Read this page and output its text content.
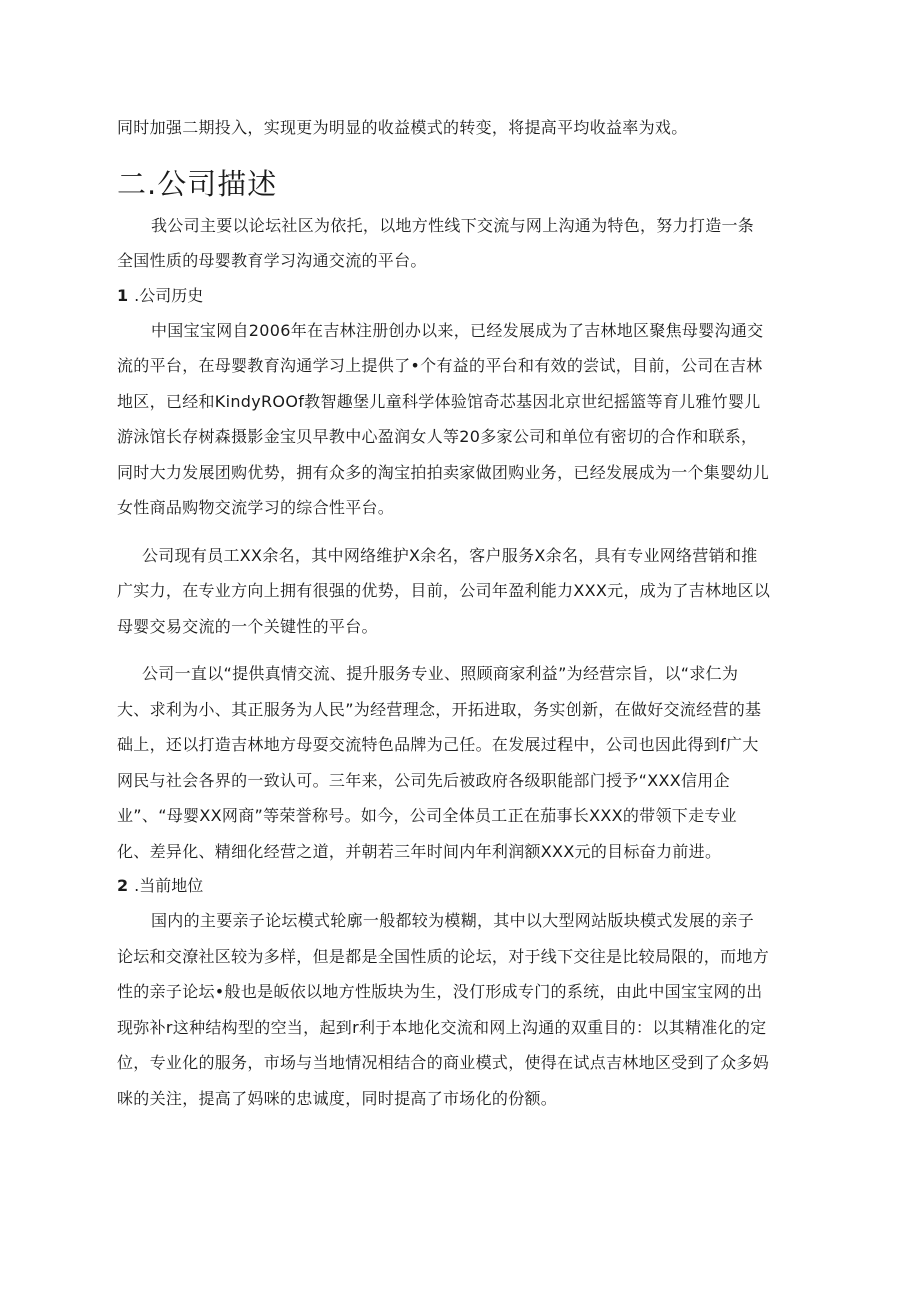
同时加强二期投入，实现更为明显的收益模式的转变，将提高平均收益率为戏。
二.公司描述
我公司主要以论坛社区为依托，以地方性线下交流与网上沟通为特色，努力打造一条
全国性质的母婴教育学习沟通交流的平台。
1 .公司历史
中国宝宝网自2006年在吉林注册创办以来，已经发展成为了吉林地区聚焦母婴沟通交
流的平台，在母婴教育沟通学习上提供了•个有益的平台和有效的尝试，目前，公司在吉林
地区，已经和KindyROOf教智趣堡儿童科学体验馆奇芯基因北京世纪摇篮等育儿雅竹婴儿
游泳馆长存树森摄影金宝贝早教中心盈润女人等20多家公司和单位有密切的合作和联系，
同时大力发展团购优势，拥有众多的淘宝拍拍卖家做团购业务，已经发展成为一个集婴幼儿
女性商品购物交流学习的综合性平台。
公司现有员工XX余名，其中网络维护X余名，客户服务X余名，具有专业网络营销和推
广实力，在专业方向上拥有很强的优势，目前，公司年盈利能力XXX元，成为了吉林地区以
母婴交易交流的一个关键性的平台。
公司一直以“提供真情交流、提升服务专业、照顾商家利益”为经营宗旨，以“求仁为
大、求利为小、其正服务为人民”为经营理念，开拓进取，务实创新，在做好交流经营的基
础上，还以打造吉林地方母耍交流特色品牌为己任。在发展过程中，公司也因此得到f广大
网民与社会各界的一致认可。三年来，公司先后被政府各级职能部门授予“XXX信用企
业”、“母婴XX网商”等荣誉称号。如今，公司全体员工正在茄事长XXX的带领下走专业
化、差异化、精细化经营之道，并朝若三年时间内年利润额XXX元的目标奋力前进。
2 .当前地位
国内的主要亲子论坛模式轮廓一般都较为模糊，其中以大型网站版块模式发展的亲子
论坛和交潦社区较为多样，但是都是全国性质的论坛，对于线下交往是比较局限的，而地方
性的亲子论坛•般也是皈依以地方性版块为生，没仃形成专门的系统，由此中国宝宝网的出
现弥补r这种结构型的空当，起到r利于本地化交流和网上沟通的双重目的：以其精准化的定
位，专业化的服务，市场与当地情况相结合的商业模式，使得在试点吉林地区受到了众多妈
咪的关注，提高了妈咪的忠诚度，同时提高了市场化的份额。
